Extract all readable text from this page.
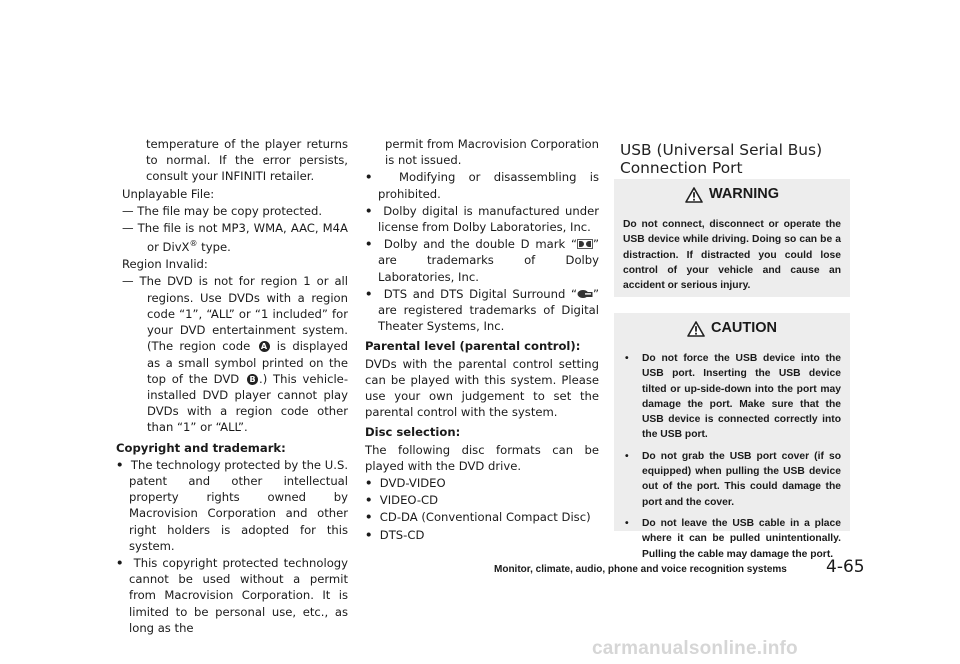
temperature of the player returns to normal. If the error persists, consult your INFINITI retailer.

Unplayable File:

— The file may be copy protected.

— The file is not MP3, WMA, AAC, M4A or DivX® type.

Region Invalid:

— The DVD is not for region 1 or all regions. Use DVDs with a region code “1”, “ALL” or “1 included” for your DVD entertainment system. (The region code A is displayed as a small symbol printed on the top of the DVD B .) This vehicle-installed DVD player cannot play DVDs with a region code other than “1” or “ALL”.

Copyright and trademark:

• The technology protected by the U.S. patent and other intellectual property rights owned by Macrovision Corporation and other right holders is adopted for this system.

• This copyright protected technology cannot be used without a permit from Macrovision Corporation. It is limited to be personal use, etc., as long as the

permit from Macrovision Corporation is not issued.

• Modifying or disassembling is prohibited.

• Dolby digital is manufactured under license from Dolby Laboratories, Inc.

• Dolby and the double D mark “ ” are trademarks of Dolby Laboratories, Inc.

• DTS and DTS Digital Surround “ ” are registered trademarks of Digital Theater Systems, Inc.

Parental level (parental control):

DVDs with the parental control setting can be played with this system. Please use your own judgement to set the parental control with the system.

Disc selection:

The following disc formats can be played with the DVD drive.

• DVD-VIDEO

• VIDEO-CD

• CD-DA (Conventional Compact Disc)

• DTS-CD

USB (Universal Serial Bus) Connection Port
WARNING
Do not connect, disconnect or operate the USB device while driving. Doing so can be a distraction. If distracted you could lose control of your vehicle and cause an accident or serious injury.
CAUTION
• Do not force the USB device into the USB port. Inserting the USB device tilted or up-side-down into the port may damage the port. Make sure that the USB device is connected correctly into the USB port.
• Do not grab the USB port cover (if so equipped) when pulling the USB device out of the port. This could damage the port and the cover.
• Do not leave the USB cable in a place where it can be pulled unintentionally. Pulling the cable may damage the port.
Monitor, climate, audio, phone and voice recognition systems 4-65
carmanualsonline.info
